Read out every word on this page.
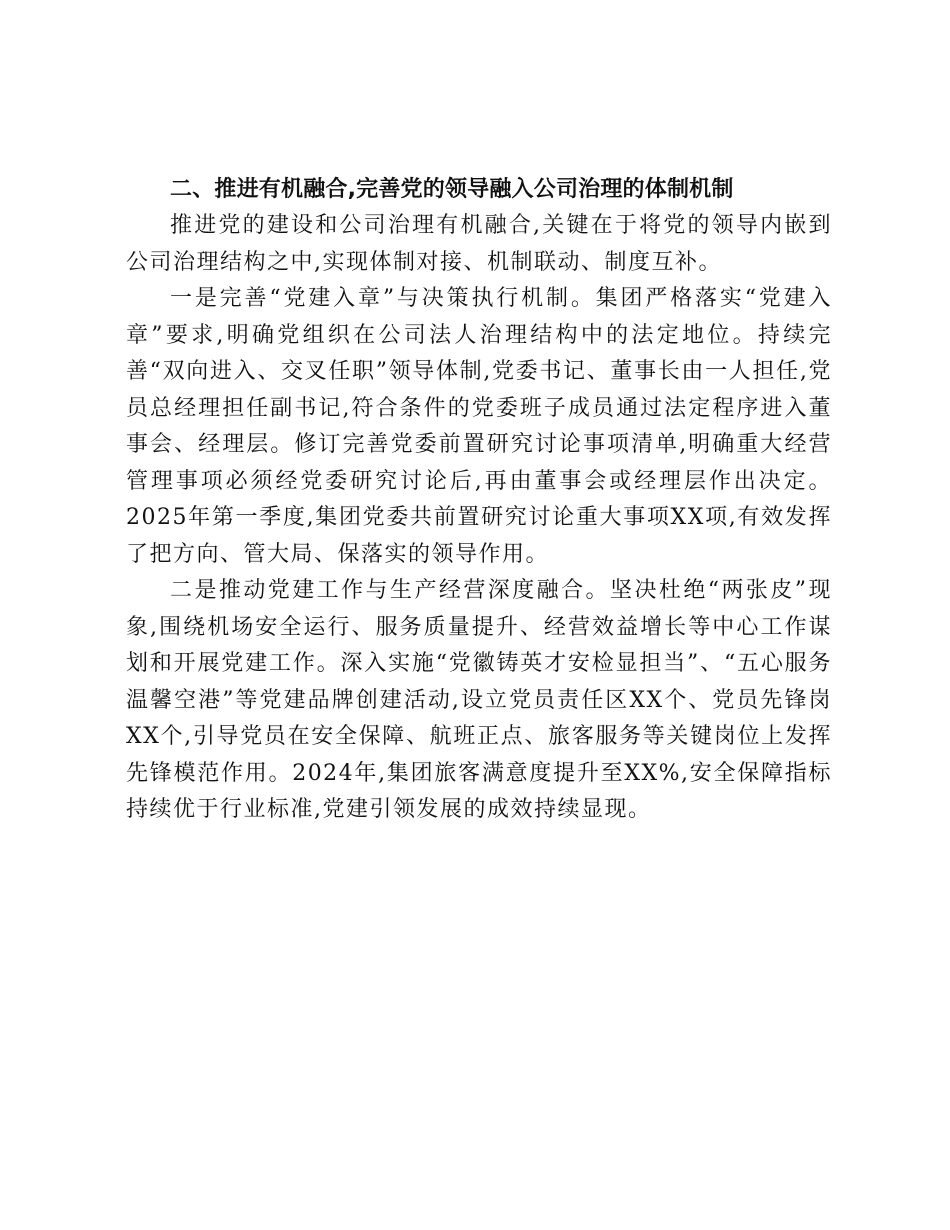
二、推进有机融合,完善党的领导融入公司治理的体制机制

推进党的建设和公司治理有机融合,关键在于将党的领导内嵌到公司治理结构之中,实现体制对接、机制联动、制度互补。

一是完善“党建入章”与决策执行机制。集团严格落实“党建入章”要求,明确党组织在公司法人治理结构中的法定地位。持续完善“双向进入、交叉任职”领导体制,党委书记、董事长由一人担任,党员总经理担任副书记,符合条件的党委班子成员通过法定程序进入董事会、经理层。修订完善党委前置研究讨论事项清单,明确重大经营管理事项必须经党委研究讨论后,再由董事会或经理层作出决定。2025年第一季度,集团党委共前置研究讨论重大事项XX项,有效发挥了把方向、管大局、保落实的领导作用。

二是推动党建工作与生产经营深度融合。坚决杜绝“两张皮”现象,围绕机场安全运行、服务质量提升、经营效益增长等中心工作谋划和开展党建工作。深入实施“党徽铸英才安检显担当”、“五心服务温馨空港”等党建品牌创建活动,设立党员责任区XX个、党员先锋岗XX个,引导党员在安全保障、航班正点、旅客服务等关键岗位上发挥先锋模范作用。2024年,集团旅客满意度提升至XX%,安全保障指标持续优于行业标准,党建引领发展的成效持续显现。
